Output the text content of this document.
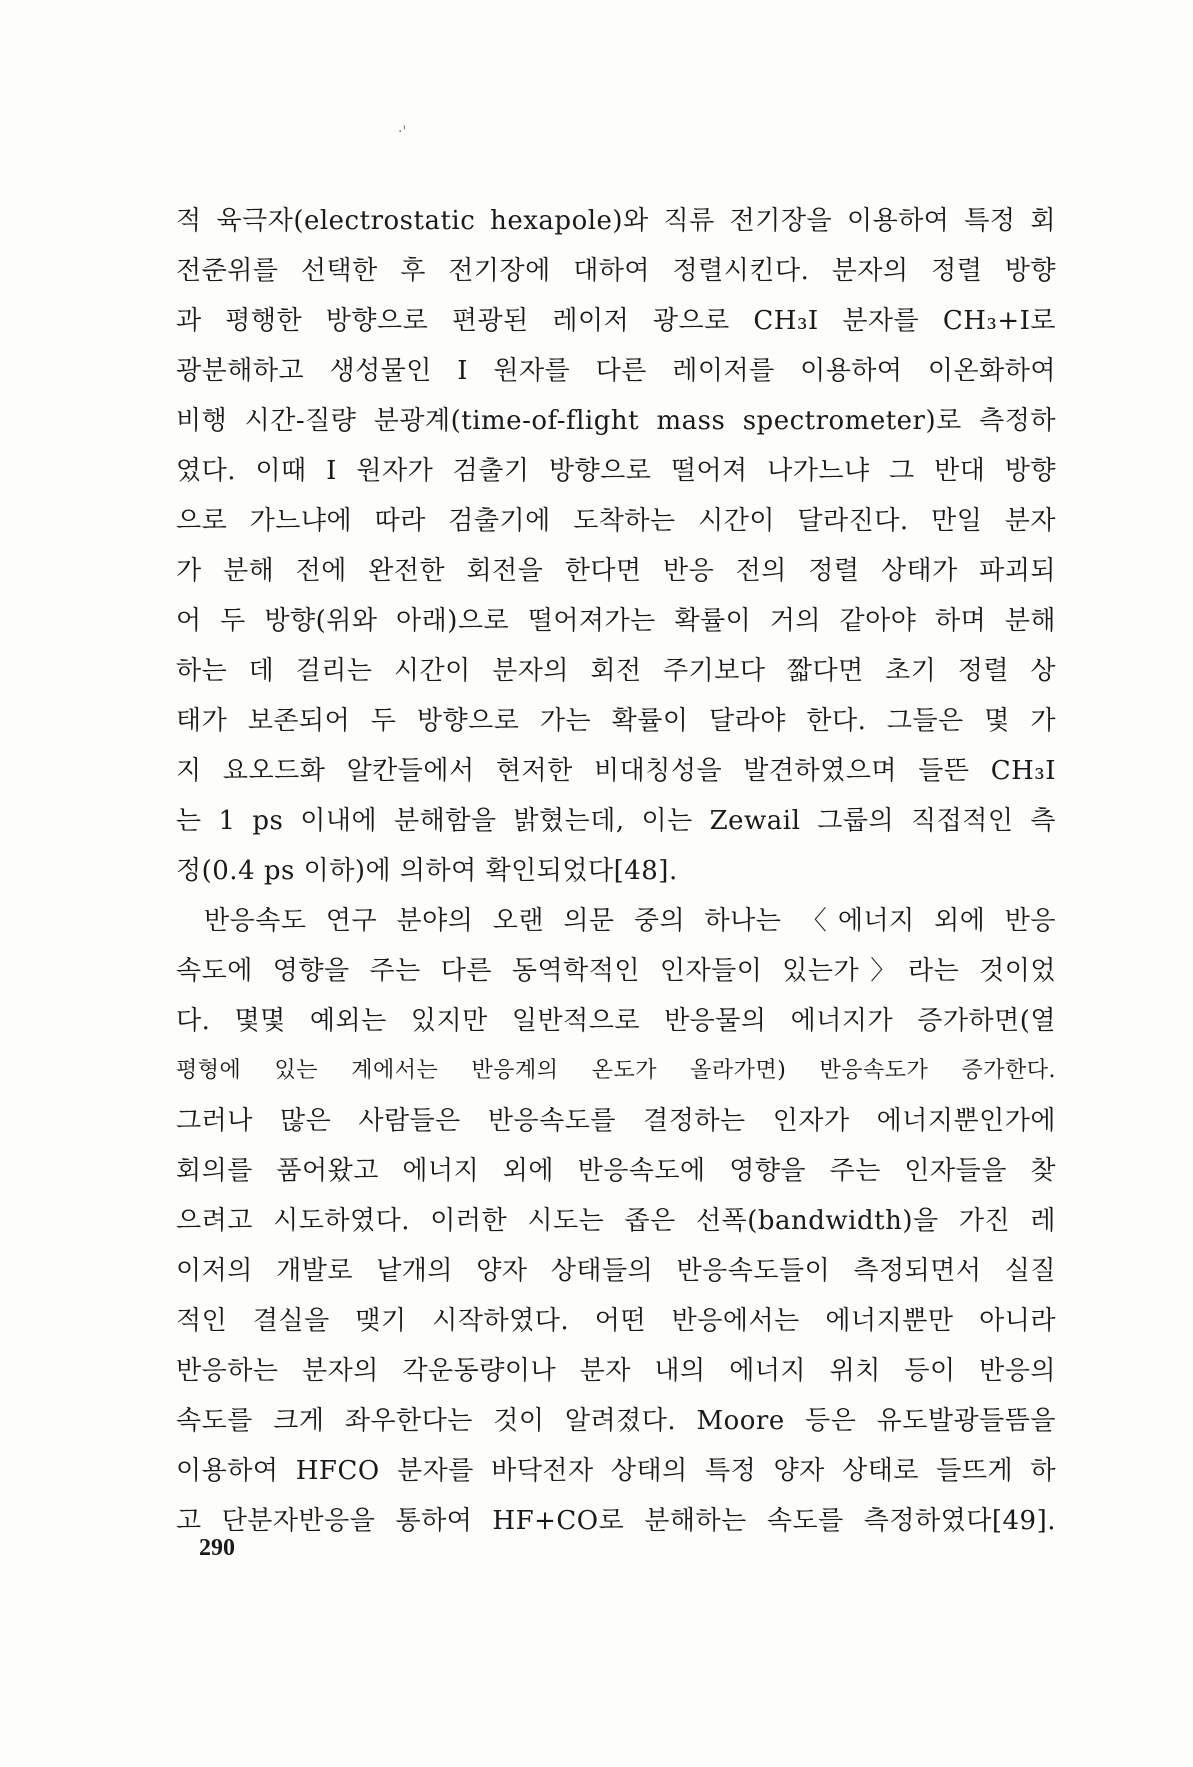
·'
적 육극자(electrostatic hexapole)와 직류 전기장을 이용하여 특정 회
전준위를 선택한 후 전기장에 대하여 정렬시킨다. 분자의 정렬 방향
과 평행한 방향으로 편광된 레이저 광으로 CH₃I 분자를 CH₃+I로
광분해하고 생성물인 I 원자를 다른 레이저를 이용하여 이온화하여
비행 시간-질량 분광계(time-of-flight mass spectrometer)로 측정하
였다. 이때 I 원자가 검출기 방향으로 떨어져 나가느냐 그 반대 방향
으로 가느냐에 따라 검출기에 도착하는 시간이 달라진다. 만일 분자
가 분해 전에 완전한 회전을 한다면 반응 전의 정렬 상태가 파괴되
어 두 방향(위와 아래)으로 떨어져가는 확률이 거의 같아야 하며 분해
하는 데 걸리는 시간이 분자의 회전 주기보다 짧다면 초기 정렬 상
태가 보존되어 두 방향으로 가는 확률이 달라야 한다. 그들은 몇 가
지 요오드화 알칸들에서 현저한 비대칭성을 발견하였으며 들뜬 CH₃I
는 1 ps 이내에 분해함을 밝혔는데, 이는 Zewail 그룹의 직접적인 측
정(0.4 ps 이하)에 의하여 확인되었다[48].
반응속도 연구 분야의 오랜 의문 중의 하나는 〈에너지 외에 반응
속도에 영향을 주는 다른 동역학적인 인자들이 있는가〉라는 것이었
다. 몇몇 예외는 있지만 일반적으로 반응물의 에너지가 증가하면(열
평형에 있는 계에서는 반응계의 온도가 올라가면) 반응속도가 증가한다.
그러나 많은 사람들은 반응속도를 결정하는 인자가 에너지뿐인가에
회의를 품어왔고 에너지 외에 반응속도에 영향을 주는 인자들을 찾
으려고 시도하였다. 이러한 시도는 좁은 선폭(bandwidth)을 가진 레
이저의 개발로 낱개의 양자 상태들의 반응속도들이 측정되면서 실질
적인 결실을 맺기 시작하였다. 어떤 반응에서는 에너지뿐만 아니라
반응하는 분자의 각운동량이나 분자 내의 에너지 위치 등이 반응의
속도를 크게 좌우한다는 것이 알려졌다. Moore 등은 유도발광들뜸을
이용하여 HFCO 분자를 바닥전자 상태의 특정 양자 상태로 들뜨게 하
고 단분자반응을 통하여 HF+CO로 분해하는 속도를 측정하였다[49].
290
